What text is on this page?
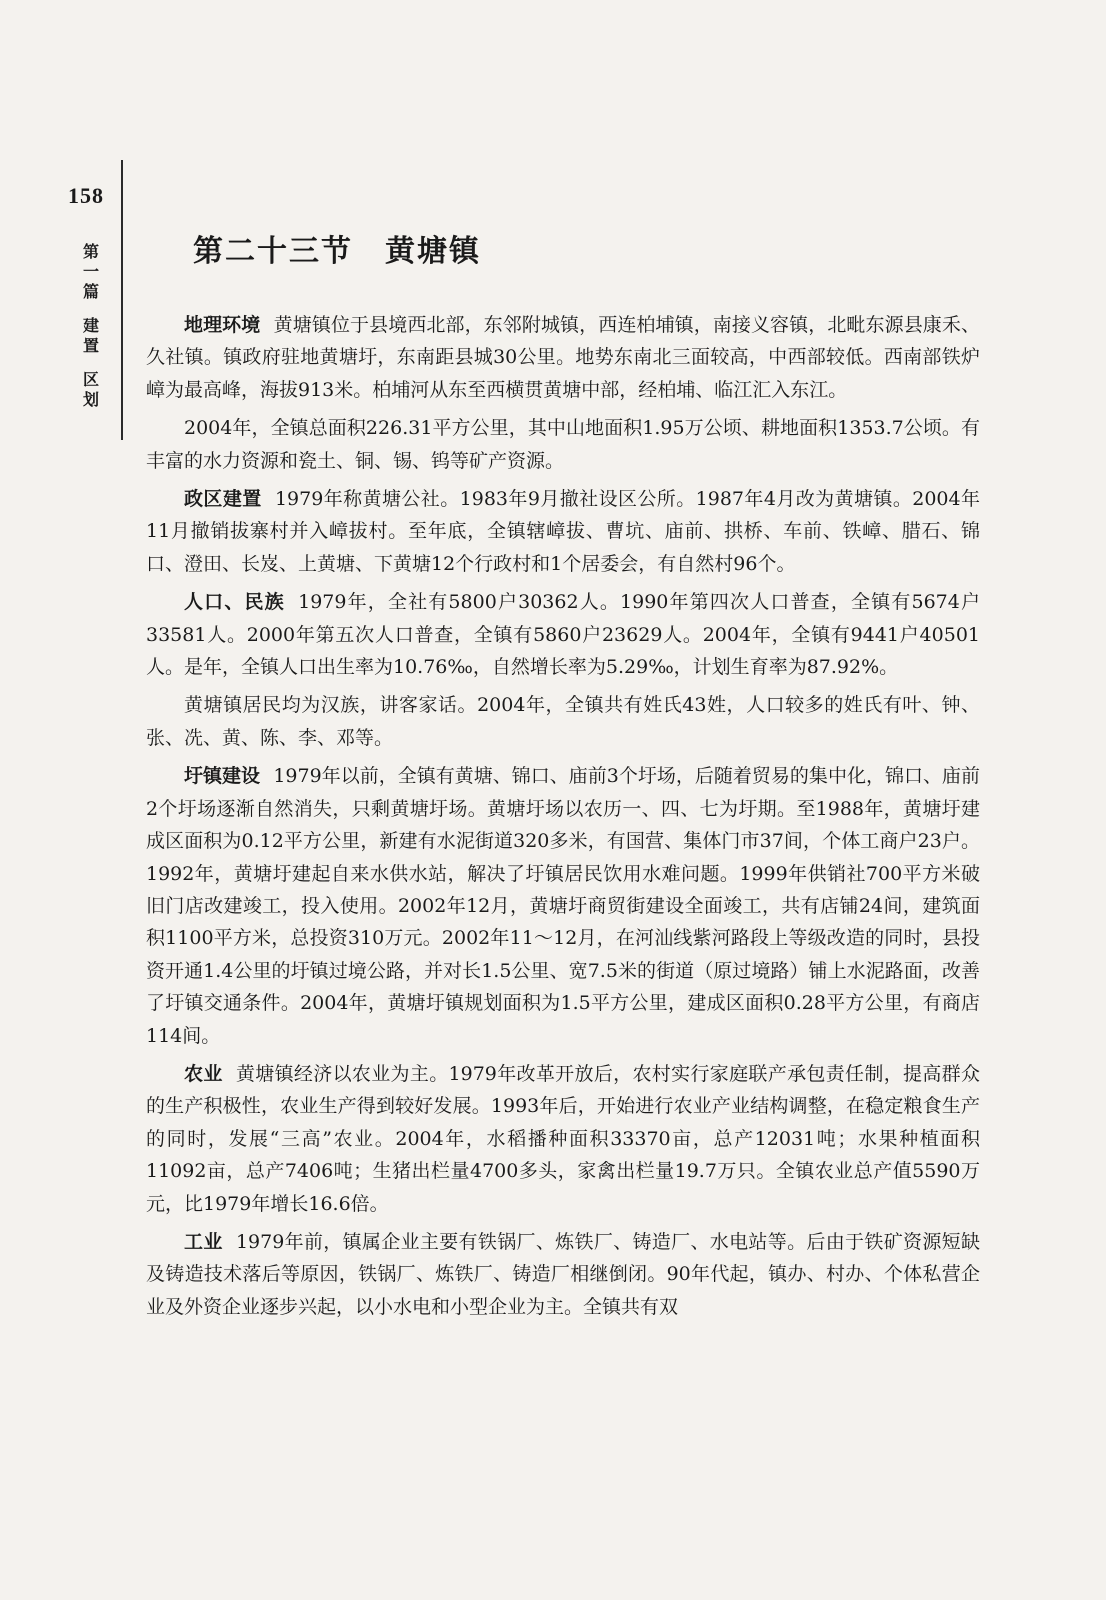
158
第
一
篇
建
置
区
划
第二十三节　黄塘镇

地理环境 黄塘镇位于县境西北部，东邻附城镇，西连柏埔镇，南接义容镇，北毗东源县康禾、久社镇。镇政府驻地黄塘圩，东南距县城30公里。地势东南北三面较高，中西部较低。西南部铁炉嶂为最高峰，海拔913米。柏埔河从东至西横贯黄塘中部，经柏埔、临江汇入东江。

2004年，全镇总面积226.31平方公里，其中山地面积1.95万公顷、耕地面积1353.7公顷。有丰富的水力资源和瓷土、铜、锡、钨等矿产资源。

政区建置 1979年称黄塘公社。1983年9月撤社设区公所。1987年4月改为黄塘镇。2004年11月撤销拔寨村并入嶂拔村。至年底，全镇辖嶂拔、曹坑、庙前、拱桥、车前、铁嶂、腊石、锦口、澄田、长岌、上黄塘、下黄塘12个行政村和1个居委会，有自然村96个。

人口、民族 1979年，全社有5800户30362人。1990年第四次人口普查，全镇有5674户33581人。2000年第五次人口普查，全镇有5860户23629人。2004年，全镇有9441户40501人。是年，全镇人口出生率为10.76‰，自然增长率为5.29‰，计划生育率为87.92%。

黄塘镇居民均为汉族，讲客家话。2004年，全镇共有姓氏43姓，人口较多的姓氏有叶、钟、张、冼、黄、陈、李、邓等。

圩镇建设 1979年以前，全镇有黄塘、锦口、庙前3个圩场，后随着贸易的集中化，锦口、庙前2个圩场逐渐自然消失，只剩黄塘圩场。黄塘圩场以农历一、四、七为圩期。至1988年，黄塘圩建成区面积为0.12平方公里，新建有水泥街道320多米，有国营、集体门市37间，个体工商户23户。1992年，黄塘圩建起自来水供水站，解决了圩镇居民饮用水难问题。1999年供销社700平方米破旧门店改建竣工，投入使用。2002年12月，黄塘圩商贸街建设全面竣工，共有店铺24间，建筑面积1100平方米，总投资310万元。2002年11～12月，在河汕线紫河路段上等级改造的同时，县投资开通1.4公里的圩镇过境公路，并对长1.5公里、宽7.5米的街道（原过境路）铺上水泥路面，改善了圩镇交通条件。2004年，黄塘圩镇规划面积为1.5平方公里，建成区面积0.28平方公里，有商店114间。

农业 黄塘镇经济以农业为主。1979年改革开放后，农村实行家庭联产承包责任制，提高群众的生产积极性，农业生产得到较好发展。1993年后，开始进行农业产业结构调整，在稳定粮食生产的同时，发展“三高”农业。2004年，水稻播种面积33370亩，总产12031吨；水果种植面积11092亩，总产7406吨；生猪出栏量4700多头，家禽出栏量19.7万只。全镇农业总产值5590万元，比1979年增长16.6倍。

工业 1979年前，镇属企业主要有铁锅厂、炼铁厂、铸造厂、水电站等。后由于铁矿资源短缺及铸造技术落后等原因，铁锅厂、炼铁厂、铸造厂相继倒闭。90年代起，镇办、村办、个体私营企业及外资企业逐步兴起，以小水电和小型企业为主。全镇共有双
